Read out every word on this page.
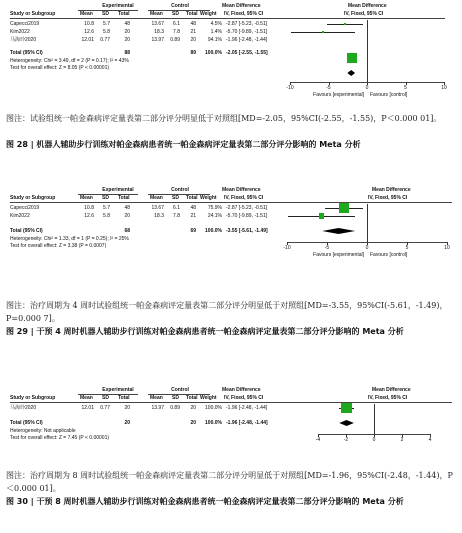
Experimental	Control	Mean Difference	Mean Difference
Study or Subgroup	Mean SD Total	Mean SD Total Weight IV, Fixed, 95% CI	IV, Fixed, 95% CI
Capecci2019	10.8	5.7	48	13.67	6.1	48	4.5% -2.87 [-5.23, -0.51]
Kim2022	12.6	5.8	20	18.3	7.8	21	1.4% -5.70 [-9.89, -1.51]
马海玲2020	12.01	0.77	20	13.97	0.89	20	94.1% -1.96 [-2.48, -1.44]
Total (95% CI)	88	89	100.0% -2.05 [-2.55, -1.55]
Heterogeneity: Chi² = 3.49, df = 2 (P = 0.17); I² = 43%
Test for overall effect: Z = 8.05 (P < 0.00001)
-10	-5	0	5	10
Favours [experimental] Favours [control]
图注：试验组统一帕金森病评定量表第二部分评分明显低于对照组[MD=-2.05，95%CI(-2.55，-1.55)，P＜0.000 01]。
图 28 | 机器人辅助步行训练对帕金森病患者统一帕金森病评定量表第二部分评分影响的 Meta 分析
Experimental	Control	Mean Difference	Mean Difference
Study or Subgroup	Mean SD Total	Mean SD Total Weight IV, Fixed, 95% CI	IV, Fixed, 95% CI
Capecci2019	10.8	5.7	48	13.67	6.1	48	75.9% -2.87 [-5.23, -0.51]
Kim2022	12.6	5.8	20	18.3	7.8	21	24.1% -5.70 [-9.89, -1.51]
Total (95% CI)	68	69	100.0% -3.55 [-5.61, -1.49]
Heterogeneity: Chi² = 1.33, df = 1 (P = 0.25); I² = 25%
Test for overall effect: Z = 3.38 (P = 0.0007)	-10	-5	0	5	10
Favours [experimental] Favours [control]
图注：治疗周期为 4 周时试验组统一帕金森病评定量表第二部分评分明显低于对照组[MD=-3.55，95%CI(-5.61，-1.49)，P=0.000 7]。
图 29 | 干预 4 周时机器人辅助步行训练对帕金森病患者统一帕金森病评定量表第二部分评分影响的 Meta 分析
Experimental	Control	Mean Difference	Mean Difference
Study or Subgroup	Mean SD Total	Mean SD Total Weight IV, Fixed, 95% CI	IV, Fixed, 95% CI
马海玲2020	12.01	0.77	20	13.97	0.89	20	100.0% -1.96 [-2.48, -1.44]
Total (95% CI)	20	20	100.0% -1.96 [-2.48, -1.44]
Heterogeneity: Not applicable
Test for overall effect: Z = 7.45 (P < 0.00001)	-4	-2	0	2	4
图注：治疗周期为 8 周时试验组统一帕金森病评定量表第二部分评分明显低于对照组[MD=-1.96，95%CI(-2.48，-1.44)，P＜0.000 01]。
图 30 | 干预 8 周时机器人辅助步行训练对帕金森病患者统一帕金森病评定量表第二部分评分影响的 Meta 分析
